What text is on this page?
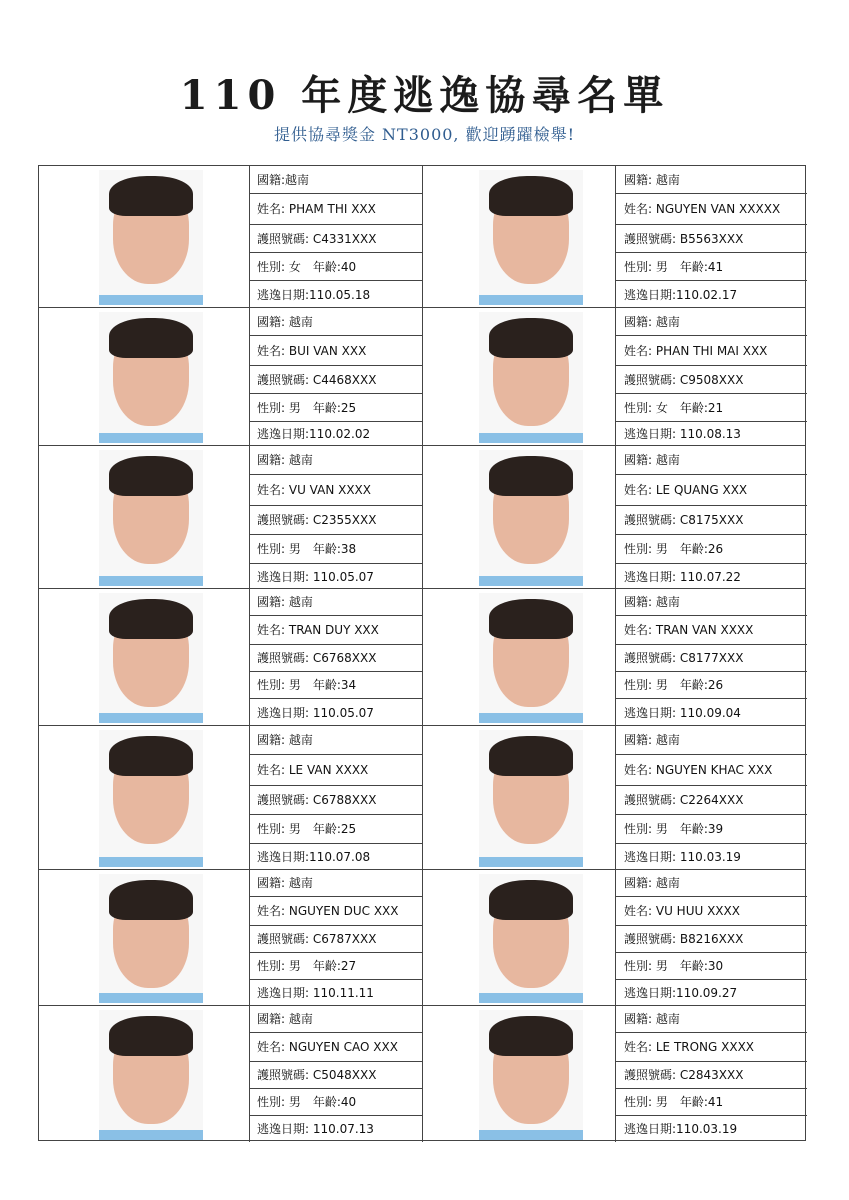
110 年度逃逸協尋名單
提供協尋獎金 NT3000, 歡迎踴躍檢舉!
國籍:越南
姓名: PHAM THI XXX
護照號碼: C4331XXX
性別: 女　年齡:40
逃逸日期:110.05.18
國籍: 越南
姓名: NGUYEN VAN XXXXX
護照號碼: B5563XXX
性別: 男　年齡:41
逃逸日期:110.02.17
國籍: 越南
姓名: BUI VAN XXX
護照號碼: C4468XXX
性別: 男　年齡:25
逃逸日期:110.02.02
國籍: 越南
姓名: PHAN THI MAI XXX
護照號碼: C9508XXX
性別: 女　年齡:21
逃逸日期: 110.08.13
國籍: 越南
姓名: VU VAN XXXX
護照號碼: C2355XXX
性別: 男　年齡:38
逃逸日期: 110.05.07
國籍: 越南
姓名: LE QUANG XXX
護照號碼: C8175XXX
性別: 男　年齡:26
逃逸日期: 110.07.22
國籍: 越南
姓名: TRAN DUY XXX
護照號碼: C6768XXX
性別: 男　年齡:34
逃逸日期: 110.05.07
國籍: 越南
姓名: TRAN VAN XXXX
護照號碼: C8177XXX
性別: 男　年齡:26
逃逸日期: 110.09.04
國籍: 越南
姓名: LE VAN XXXX
護照號碼: C6788XXX
性別: 男　年齡:25
逃逸日期:110.07.08
國籍: 越南
姓名: NGUYEN KHAC XXX
護照號碼: C2264XXX
性別: 男　年齡:39
逃逸日期: 110.03.19
國籍: 越南
姓名: NGUYEN DUC XXX
護照號碼: C6787XXX
性別: 男　年齡:27
逃逸日期: 110.11.11
國籍: 越南
姓名: VU HUU XXXX
護照號碼: B8216XXX
性別: 男　年齡:30
逃逸日期:110.09.27
國籍: 越南
姓名: NGUYEN CAO XXX
護照號碼: C5048XXX
性別: 男　年齡:40
逃逸日期: 110.07.13
國籍: 越南
姓名: LE TRONG XXXX
護照號碼: C2843XXX
性別: 男　年齡:41
逃逸日期:110.03.19
